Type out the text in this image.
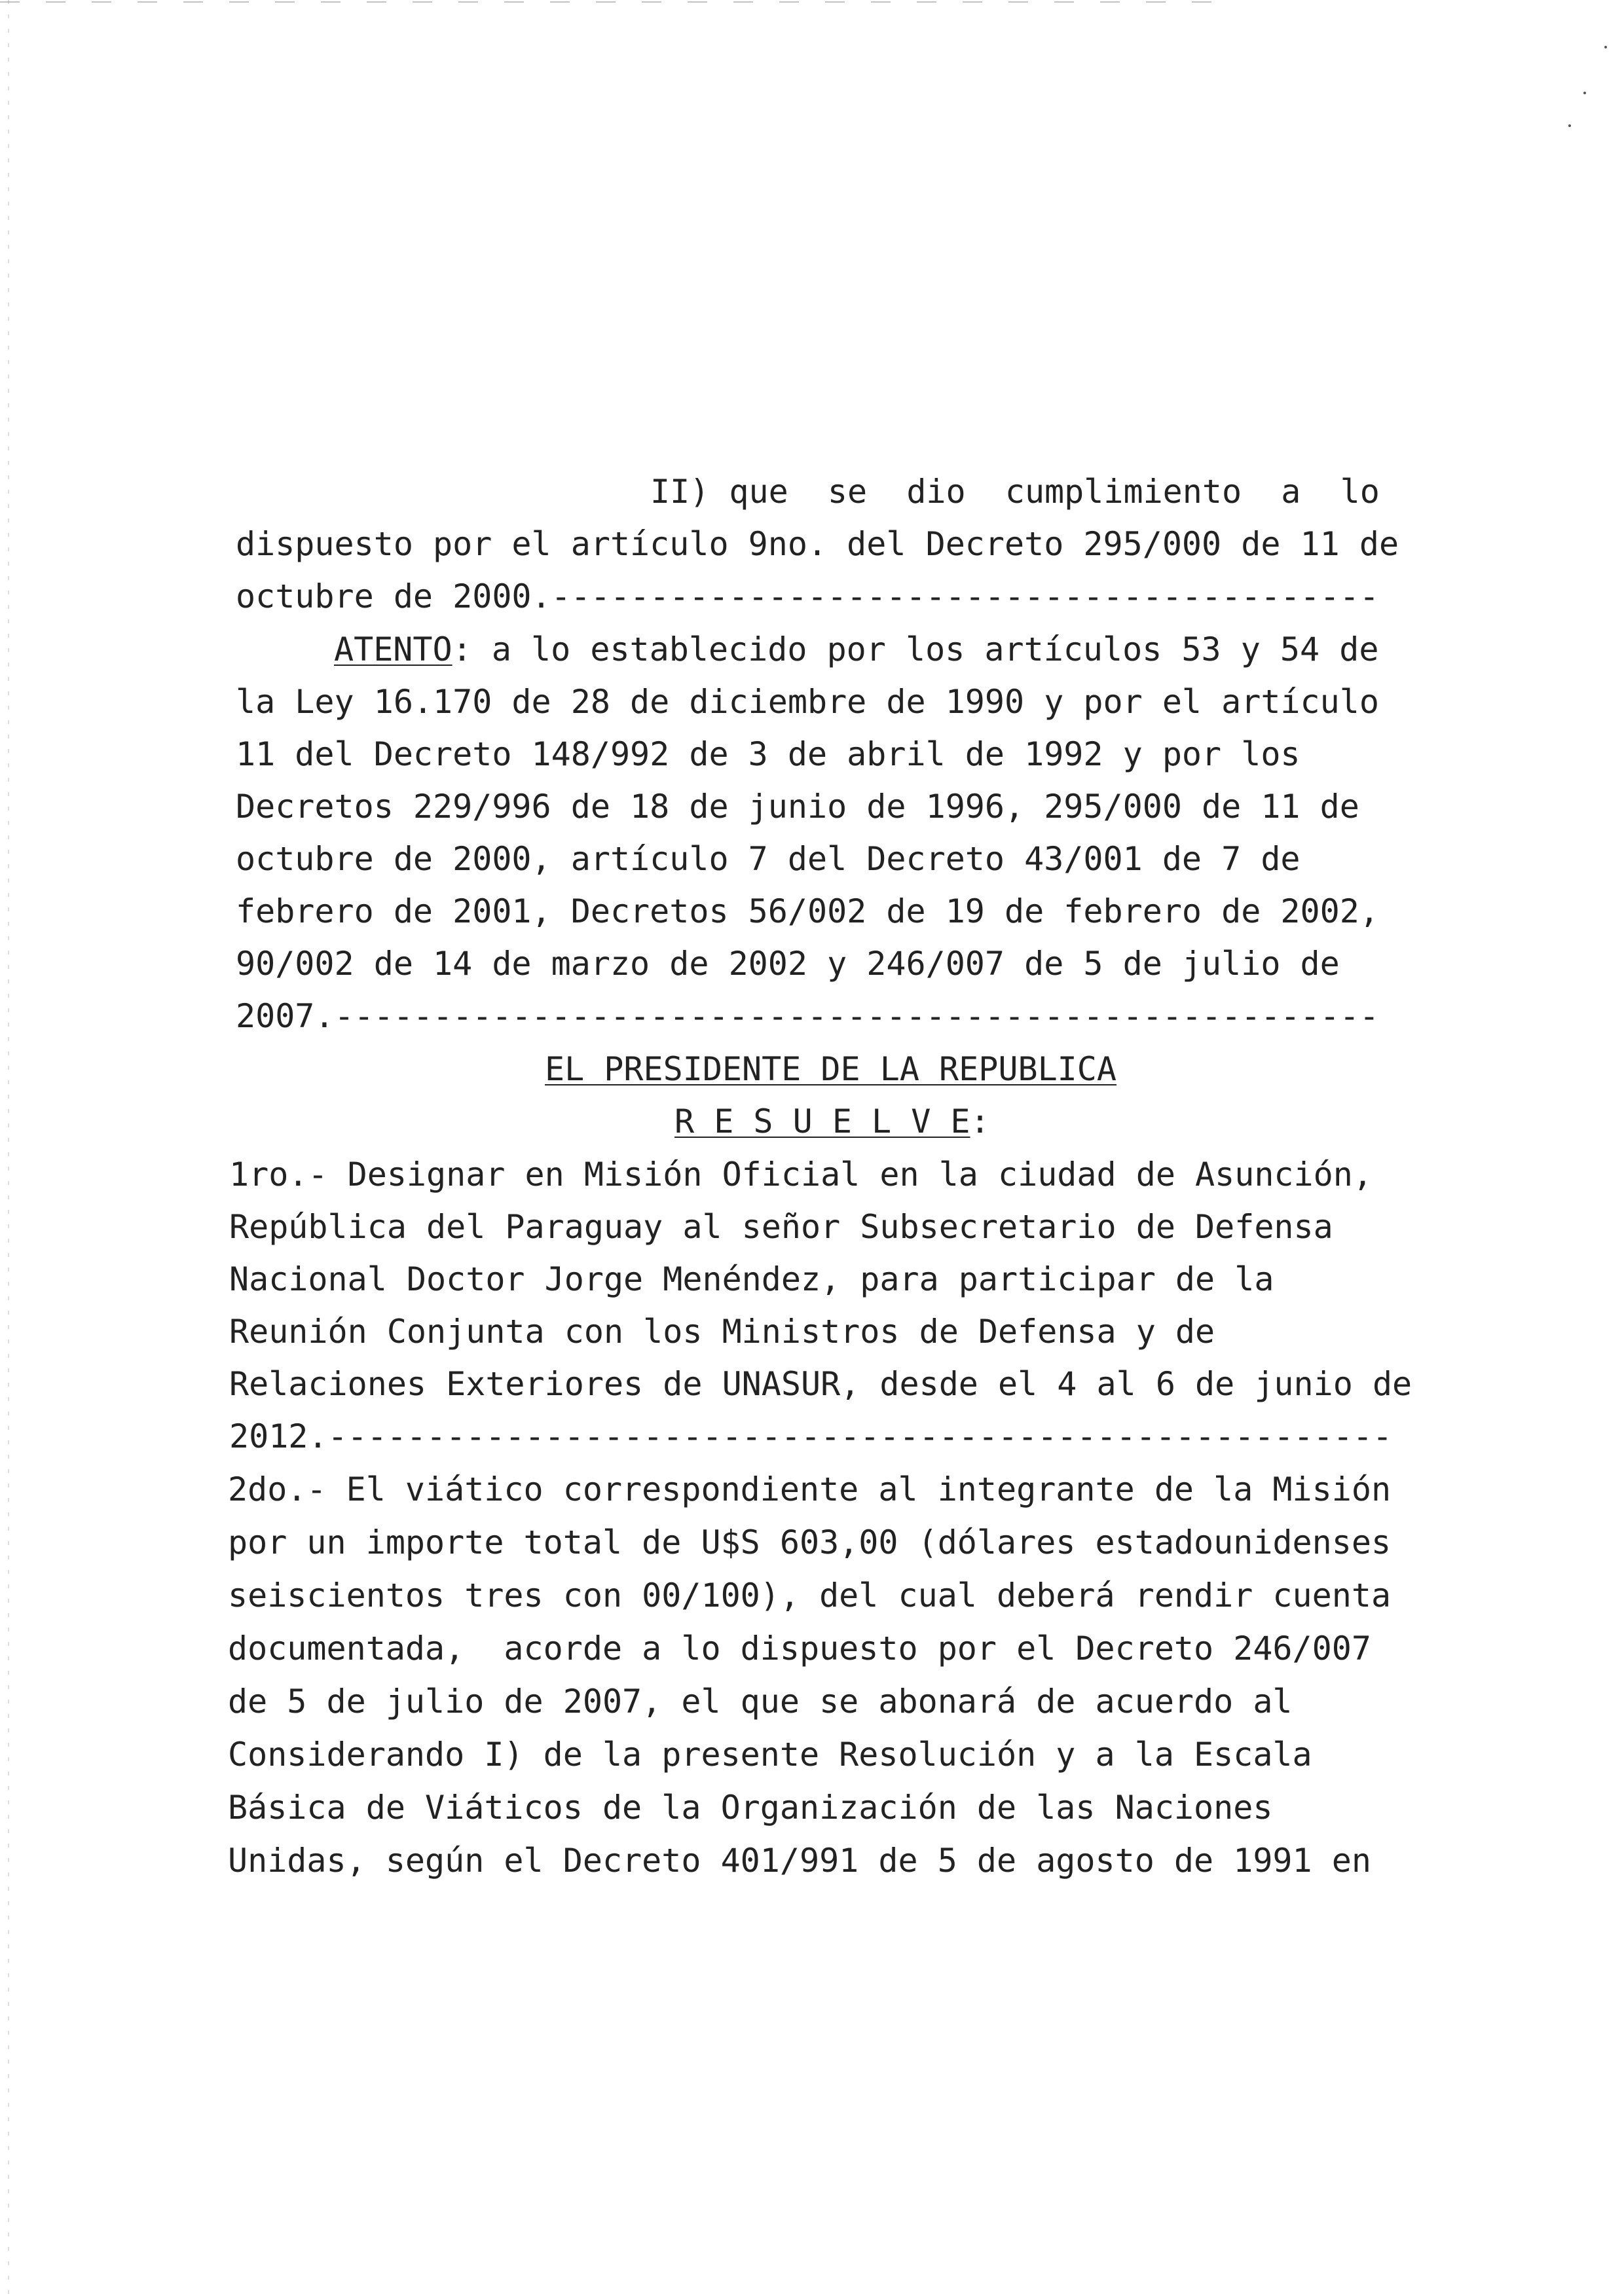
II) que  se  dio  cumplimiento  a  lo
dispuesto por el artículo 9no. del Decreto 295/000 de 11 de
octubre de 2000.------------------------------------------
ATENTO: a lo establecido por los artículos 53 y 54 de
la Ley 16.170 de 28 de diciembre de 1990 y por el artículo
11 del Decreto 148/992 de 3 de abril de 1992 y por los
Decretos 229/996 de 18 de junio de 1996, 295/000 de 11 de
octubre de 2000, artículo 7 del Decreto 43/001 de 7 de
febrero de 2001, Decretos 56/002 de 19 de febrero de 2002,
90/002 de 14 de marzo de 2002 y 246/007 de 5 de julio de
2007.-----------------------------------------------------
EL PRESIDENTE DE LA REPUBLICA
R E S U E L V E:
1ro.- Designar en Misión Oficial en la ciudad de Asunción,
República del Paraguay al señor Subsecretario de Defensa
Nacional Doctor Jorge Menéndez, para participar de la
Reunión Conjunta con los Ministros de Defensa y de
Relaciones Exteriores de UNASUR, desde el 4 al 6 de junio de
2012.------------------------------------------------------
2do.- El viático correspondiente al integrante de la Misión
por un importe total de U$S 603,00 (dólares estadounidenses
seiscientos tres con 00/100), del cual deberá rendir cuenta
documentada,  acorde a lo dispuesto por el Decreto 246/007
de 5 de julio de 2007, el que se abonará de acuerdo al
Considerando I) de la presente Resolución y a la Escala
Básica de Viáticos de la Organización de las Naciones
Unidas, según el Decreto 401/991 de 5 de agosto de 1991 en
